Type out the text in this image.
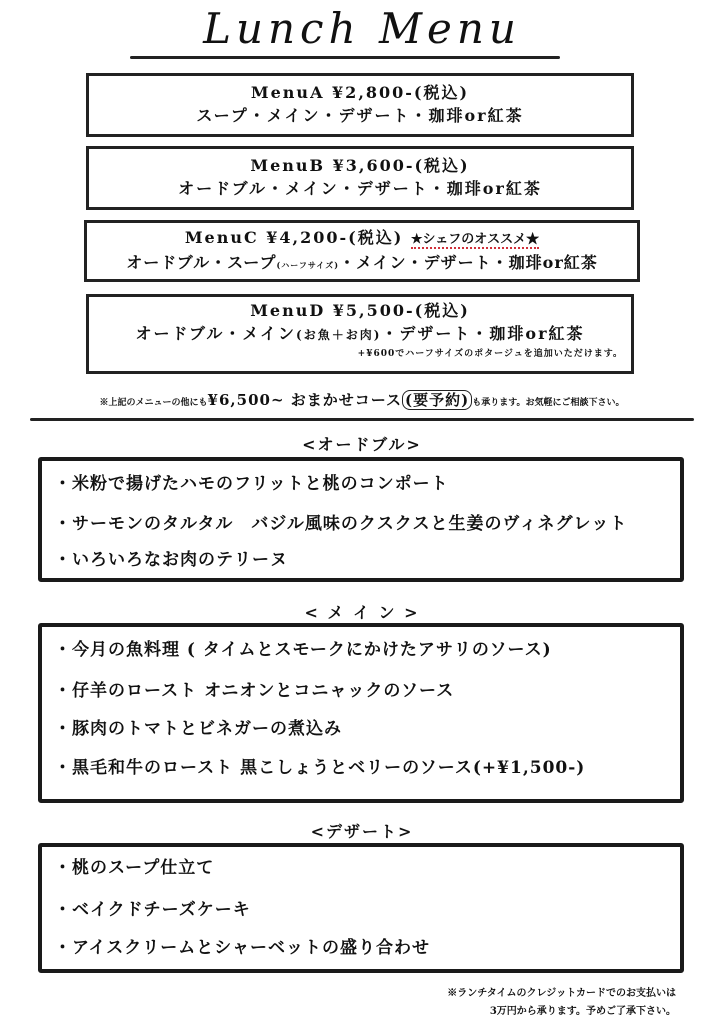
Lunch Menu
MenuA ¥2,800-(税込)
スープ・メイン・デザート・珈琲or紅茶
MenuB ¥3,600-(税込)
オードブル・メイン・デザート・珈琲or紅茶
MenuC ¥4,200-(税込) ★シェフのオススメ★
オードブル・スープ(ハーフサイズ)・メイン・デザート・珈琲or紅茶
MenuD ¥5,500-(税込)
オードブル・メイン(お魚＋お肉)・デザート・珈琲or紅茶
+¥600でハーフサイズのポタージュを追加いただけます。
※上記のメニューの他にも¥6,500~ おまかせコース (要予約) も承ります。お気軽にご相談下さい。
<オードブル>
・米粉で揚げたハモのフリットと桃のコンポート
・サーモンのタルタル　バジル風味のクスクスと生姜のヴィネグレット
・いろいろなお肉のテリーヌ
< メ イ ン >
・今月の魚料理 ( タイムとスモークにかけたアサリのソース)
・仔羊のロースト オニオンとコニャックのソース
・豚肉のトマトとビネガーの煮込み
・黒毛和牛のロースト 黒こしょうとベリーのソース(+¥1,500-)
<デザート>
・桃のスープ仕立て
・ベイクドチーズケーキ
・アイスクリームとシャーベットの盛り合わせ
※ランチタイムのクレジットカードでのお支払いは
3万円から承ります。予めご了承下さい。
